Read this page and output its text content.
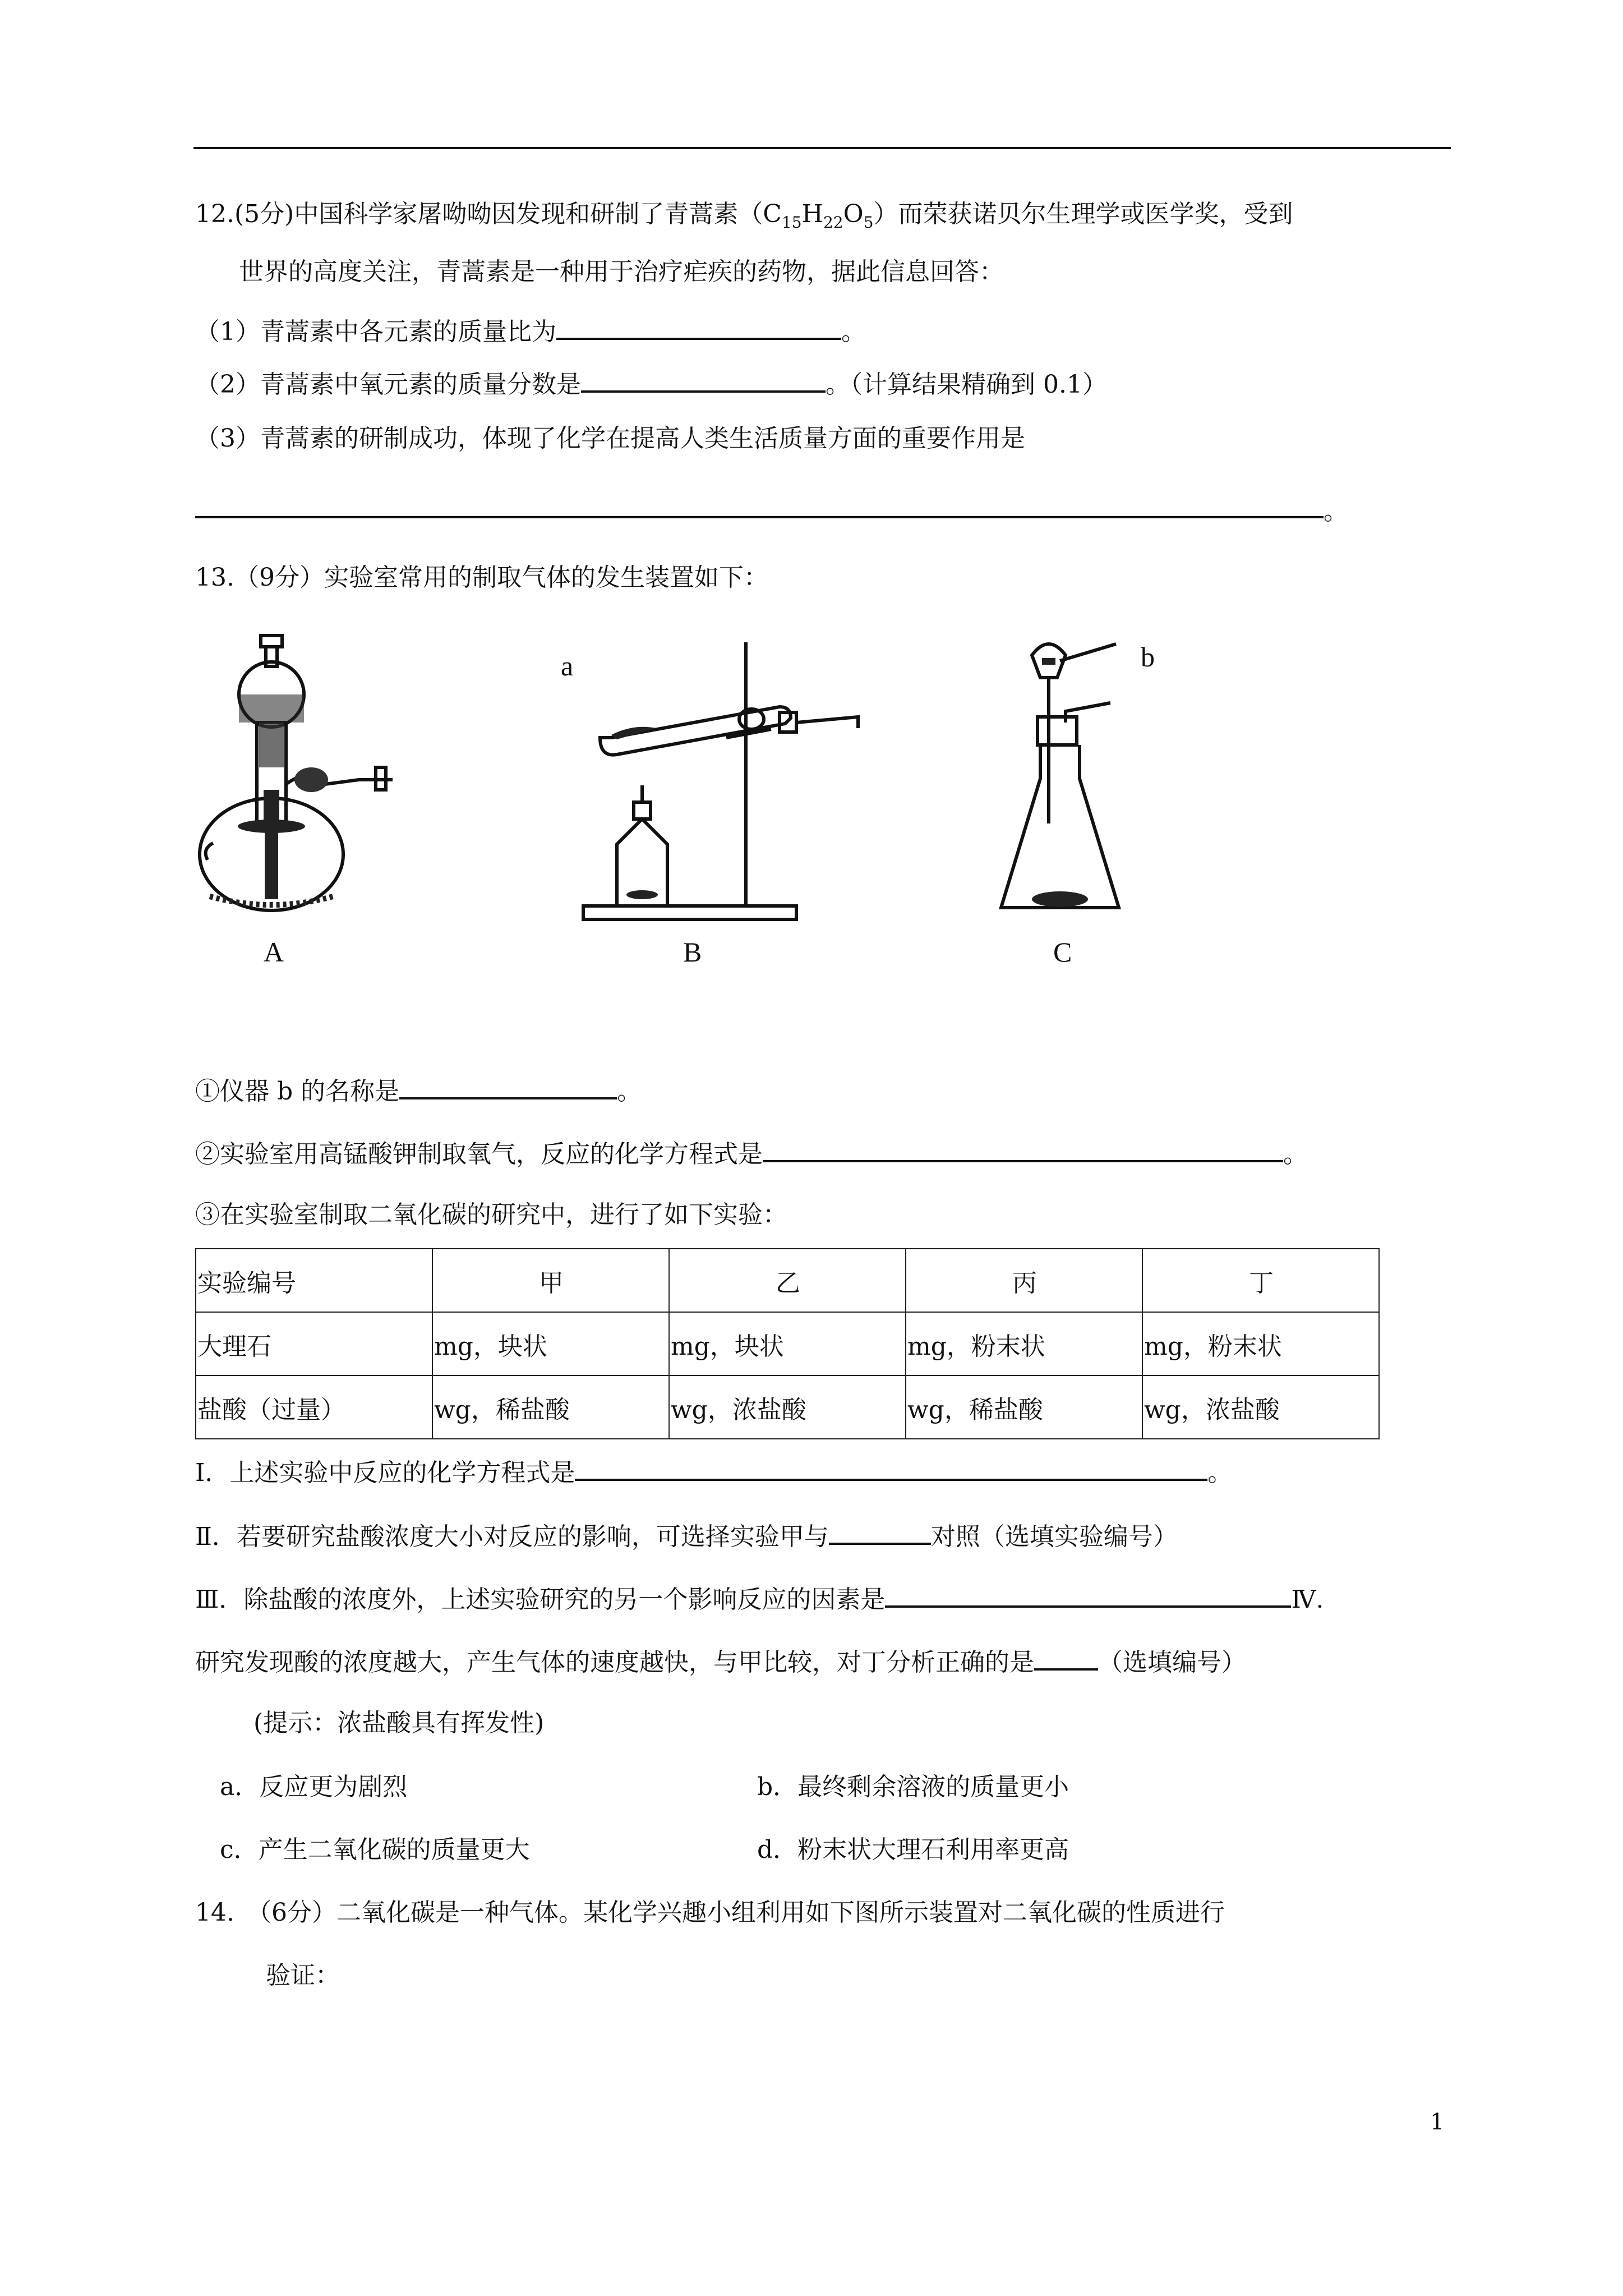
12.(5分)中国科学家屠呦呦因发现和研制了青蒿素$(C_{15}H_{22}O_5)$而荣获诺贝尔生理学或医学奖，受到
世界的高度关注，青蒿素是一种用于治疗疟疾的药物，据此信息回答：
（1）青蒿素中各元素的质量比为	。
（2）青蒿素中氧元素的质量分数是	。（计算结果精确到 0.1）
（3）青蒿素的研制成功，体现了化学在提高人类生活质量方面的重要作用是
。
13.（9分）实验室常用的制取气体的发生装置如下：
a	b
A	B	C
①仪器 b 的名称是	。
②实验室用高锰酸钾制取氧气，反应的化学方程式是	。
③在实验室制取二氧化碳的研究中，进行了如下实验：
实验编号	甲	乙	丙	丁
大理石	mg，块状	mg，块状	mg，粉末状	mg，粉末状
盐酸（过量）	wg，稀盐酸	wg，浓盐酸	wg，稀盐酸	wg，浓盐酸
Ⅰ．上述实验中反应的化学方程式是	。
Ⅱ．若要研究盐酸浓度大小对反应的影响，可选择实验甲与	对照（选填实验编号）
Ⅲ．除盐酸的浓度外，上述实验研究的另一个影响反应的因素是	Ⅳ.
研究发现酸的浓度越大，产生气体的速度越快，与甲比较，对丁分析正确的是	（选填编号）
(提示：浓盐酸具有挥发性)
a．反应更为剧烈	b．最终剩余溶液的质量更小
c．产生二氧化碳的质量更大	d．粉末状大理石利用率更高
14.　（6分）二氧化碳是一种气体。某化学兴趣小组利用如下图所示装置对二氧化碳的性质进行
验证：
1
